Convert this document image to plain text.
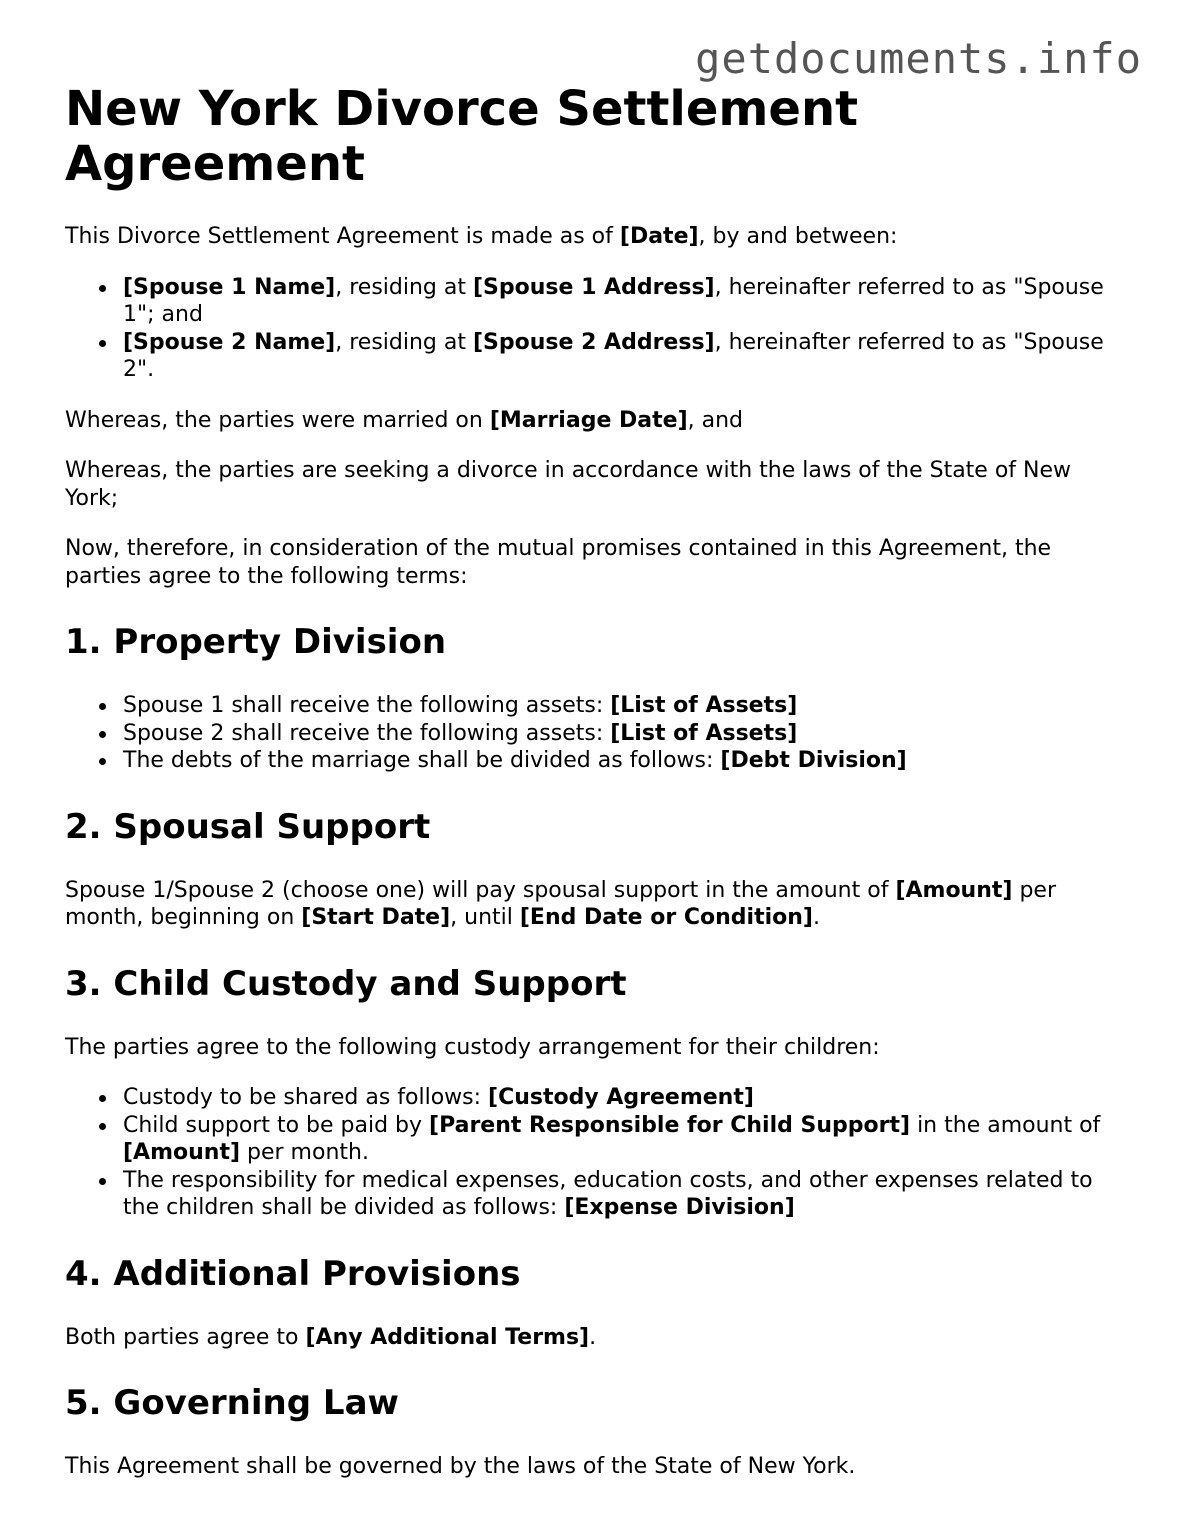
getdocuments.info
New York Divorce Settlement Agreement

This Divorce Settlement Agreement is made as of [Date], by and between:

[Spouse 1 Name], residing at [Spouse 1 Address], hereinafter referred to as "Spouse 1"; and
[Spouse 2 Name], residing at [Spouse 2 Address], hereinafter referred to as "Spouse 2".

Whereas, the parties were married on [Marriage Date], and

Whereas, the parties are seeking a divorce in accordance with the laws of the State of New York;

Now, therefore, in consideration of the mutual promises contained in this Agreement, the parties agree to the following terms:

1. Property Division
Spouse 1 shall receive the following assets: [List of Assets]
Spouse 2 shall receive the following assets: [List of Assets]
The debts of the marriage shall be divided as follows: [Debt Division]
2. Spousal Support

Spouse 1/Spouse 2 (choose one) will pay spousal support in the amount of [Amount] per month, beginning on [Start Date], until [End Date or Condition].

3. Child Custody and Support

The parties agree to the following custody arrangement for their children:

Custody to be shared as follows: [Custody Agreement]
Child support to be paid by [Parent Responsible for Child Support] in the amount of [Amount] per month.
The responsibility for medical expenses, education costs, and other expenses related to the children shall be divided as follows: [Expense Division]
4. Additional Provisions

Both parties agree to [Any Additional Terms].

5. Governing Law

This Agreement shall be governed by the laws of the State of New York.
